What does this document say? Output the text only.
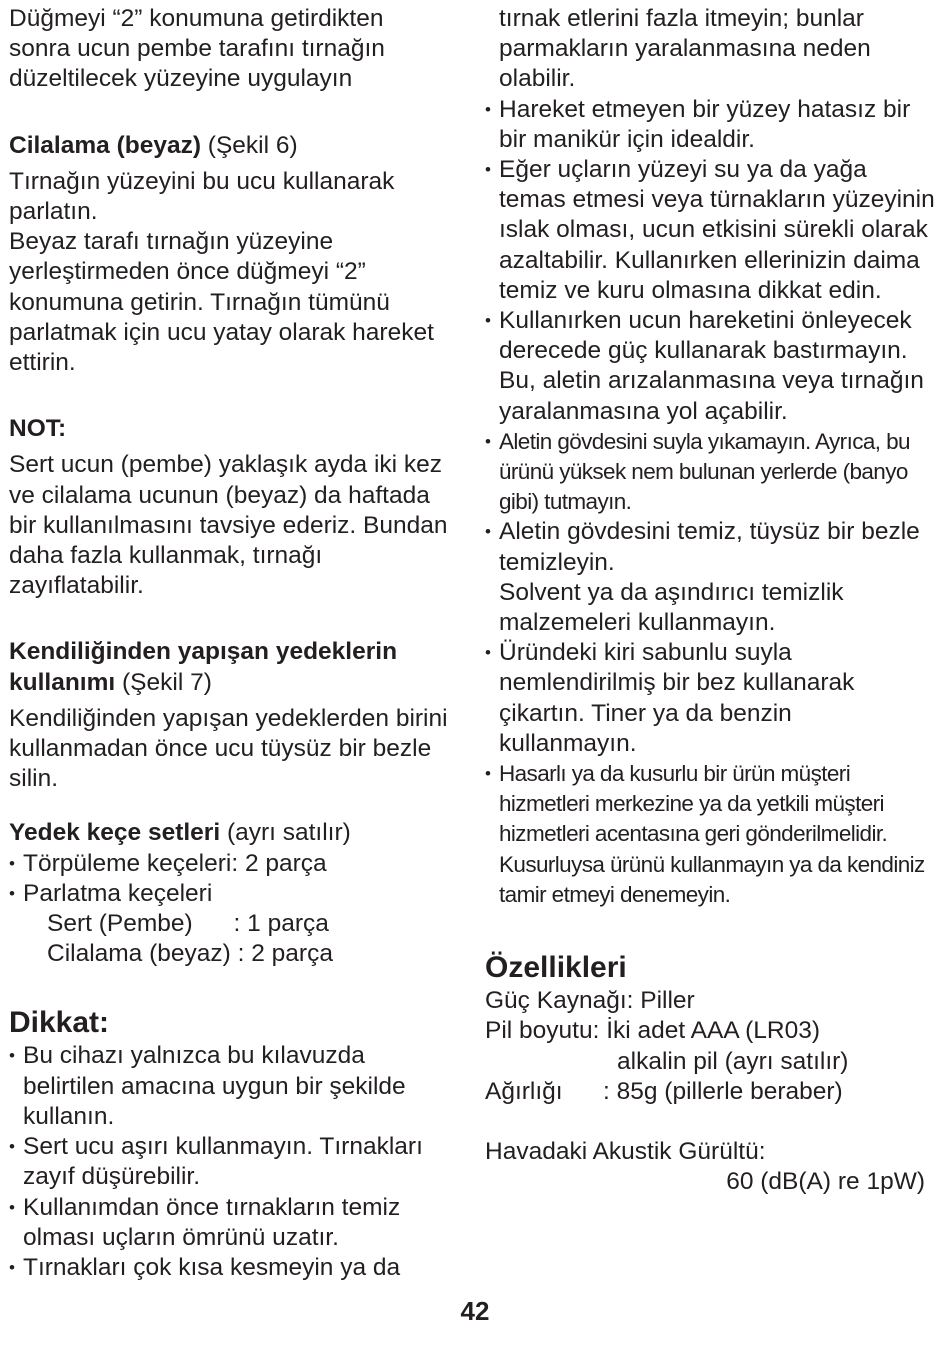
Düğmeyi “2” konumuna getirdikten sonra ucun pembe tarafını tırnağın düzeltilecek yüzeyine uygulayın

Cilalama (beyaz) (Şekil 6)

Tırnağın yüzeyini bu ucu kullanarak parlatın.

Beyaz tarafı tırnağın yüzeyine yerleştirmeden önce düğmeyi “2” konumuna getirin. Tırnağın tümünü parlatmak için ucu yatay olarak hareket ettirin.

NOT:

Sert ucun (pembe) yaklaşık ayda iki kez ve cilalama ucunun (beyaz) da haftada bir kullanılmasını tavsiye ederiz. Bundan daha fazla kullanmak, tırnağı zayıflatabilir.

Kendiliğinden yapışan yedeklerin kullanımı (Şekil 7)

Kendiliğinden yapışan yedeklerden birini kullanmadan önce ucu tüysüz bir bezle silin.

Yedek keçe setleri (ayrı satılır)

• Törpüleme keçeleri: 2 parça
• Parlatma keçeleri

Sert (Pembe)      : 1 parça

Cilalama (beyaz) : 2 parça

Dikkat:

• Bu cihazı yalnızca bu kılavuzda belirtilen amacına uygun bir şekilde kullanın.
• Sert ucu aşırı kullanmayın. Tırnakları zayıf düşürebilir.
• Kullanımdan önce tırnakların temiz olması uçların ömrünü uzatır.
• Tırnakları çok kısa kesmeyin ya da

tırnak etlerini fazla itmeyin; bunlar parmakların yaralanmasına neden olabilir.

• Hareket etmeyen bir yüzey hatasız bir bir manikür için idealdir.
• Eğer uçların yüzeyi su ya da yağa temas etmesi veya türnakların yüzeyinin ıslak olması, ucun etkisini sürekli olarak azaltabilir. Kullanırken ellerinizin daima temiz ve kuru olmasına dikkat edin.
• Kullanırken ucun hareketini önleyecek derecede güç kullanarak bastırmayın. Bu, aletin arızalanmasına veya tırnağın yaralanmasına yol açabilir.
• Aletin gövdesini suyla yıkamayın. Ayrıca, bu ürünü yüksek nem bulunan yerlerde (banyo gibi) tutmayın.
• Aletin gövdesini temiz, tüysüz bir bezle temizleyin.
Solvent ya da aşındırıcı temizlik malzemeleri kullanmayın.
• Üründeki kiri sabunlu suyla nemlendirilmiş bir bez kullanarak çikartın. Tiner ya da benzin kullanmayın.
• Hasarlı ya da kusurlu bir ürün müşteri hizmetleri merkezine ya da yetkili müşteri hizmetleri acentasına geri gönderilmelidir.
Kusurluysa ürünü kullanmayın ya da kendiniz tamir etmeyi denemeyin.

Özellikleri

Güç Kaynağı: Piller

Pil boyutu: İki adet AAA (LR03)

alkalin pil (ayrı satılır)

Ağırlığı : 85g (pillerle beraber)

Havadaki Akustik Gürültü:

60 (dB(A) re 1pW)

42
